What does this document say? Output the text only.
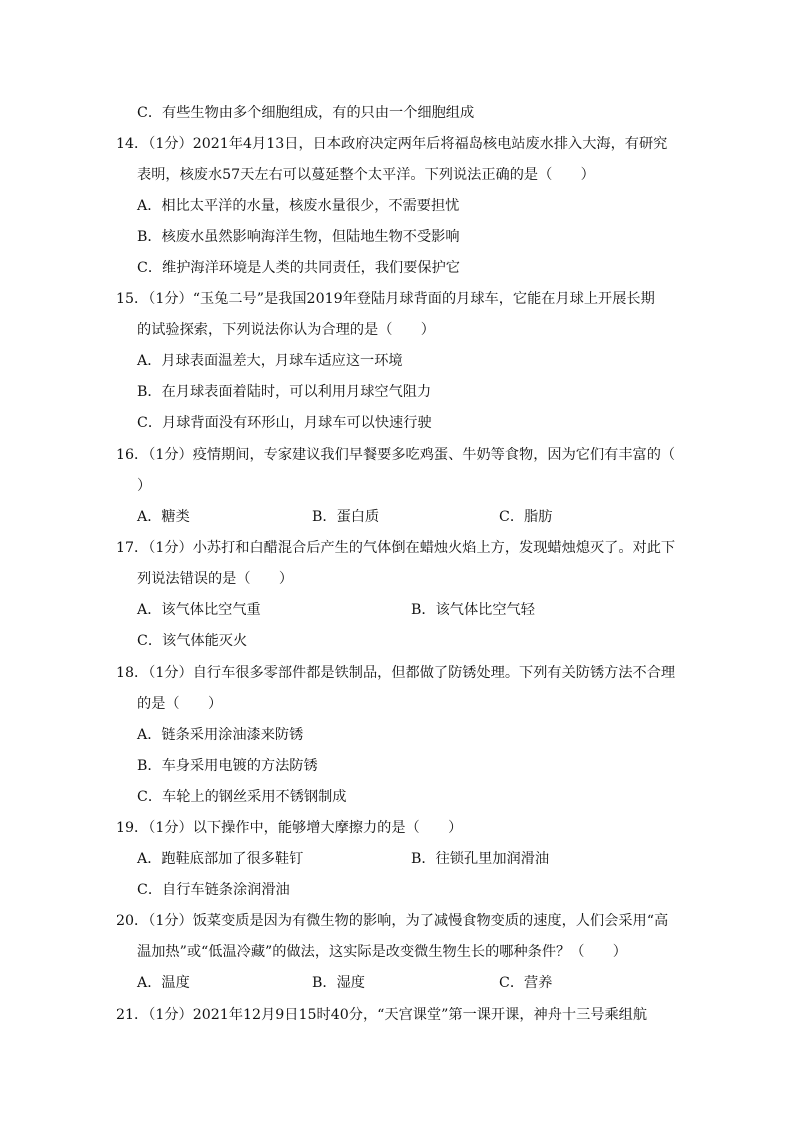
C．有些生物由多个细胞组成，有的只由一个细胞组成
14．（1分）2021年4月13日，日本政府决定两年后将福岛核电站废水排入大海，有研究
表明，核废水57天左右可以蔓延整个太平洋。下列说法正确的是（　　）
A．相比太平洋的水量，核废水量很少，不需要担忧
B．核废水虽然影响海洋生物，但陆地生物不受影响
C．维护海洋环境是人类的共同责任，我们要保护它
15．（1分）“玉兔二号”是我国2019年登陆月球背面的月球车，它能在月球上开展长期
的试验探索，下列说法你认为合理的是（　　）
A．月球表面温差大，月球车适应这一环境
B．在月球表面着陆时，可以利用月球空气阻力
C．月球背面没有环形山，月球车可以快速行驶
16．（1分）疫情期间，专家建议我们早餐要多吃鸡蛋、牛奶等食物，因为它们有丰富的（
）
A．糖类	B．蛋白质	C．脂肪
17．（1分）小苏打和白醋混合后产生的气体倒在蜡烛火焰上方，发现蜡烛熄灭了。对此下
列说法错误的是（　　）
A．该气体比空气重	B．该气体比空气轻
C．该气体能灭火
18．（1分）自行车很多零部件都是铁制品，但都做了防锈处理。下列有关防锈方法不合理
的是（　　）
A．链条采用涂油漆来防锈
B．车身采用电镀的方法防锈
C．车轮上的钢丝采用不锈钢制成
19．（1分）以下操作中，能够增大摩擦力的是（　　）
A．跑鞋底部加了很多鞋钉	B．往锁孔里加润滑油
C．自行车链条涂润滑油
20．（1分）饭菜变质是因为有微生物的影响，为了减慢食物变质的速度，人们会采用“高
温加热”或“低温冷藏”的做法，这实际是改变微生物生长的哪种条件？（　　）
A．温度	B．湿度	C．营养
21．（1分）2021年12月9日15时40分，“天宫课堂”第一课开课，神舟十三号乘组航
